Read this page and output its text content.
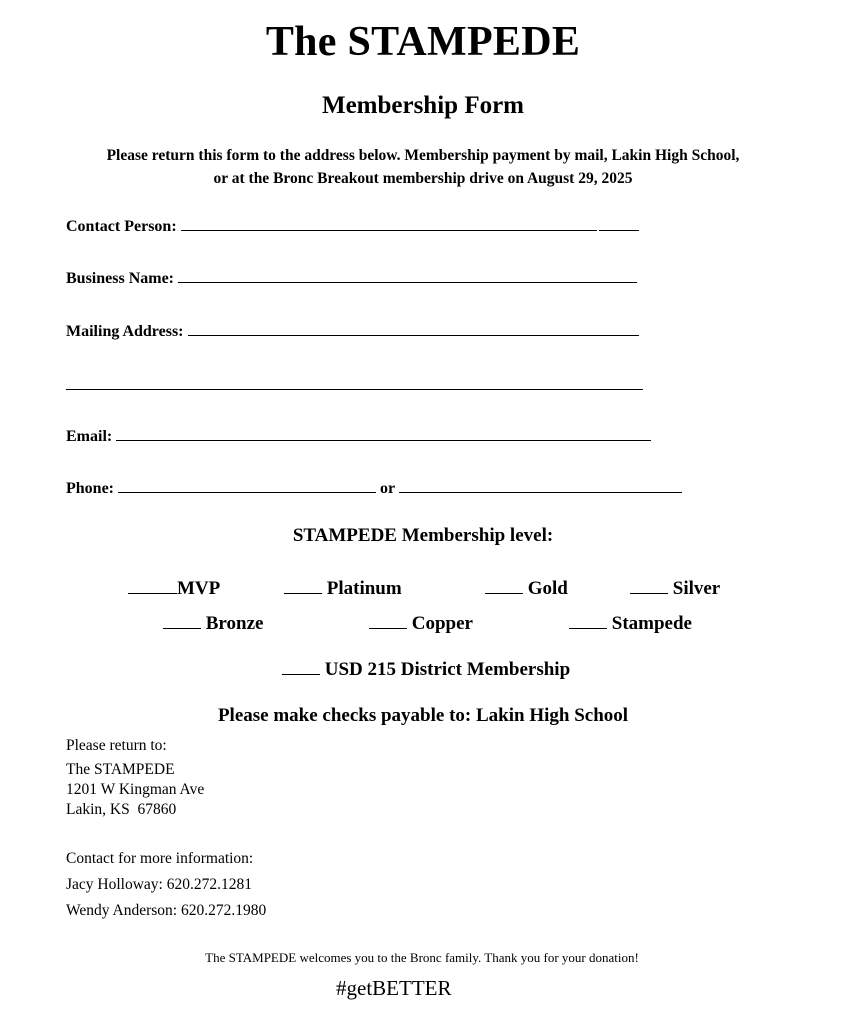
The STAMPEDE
Membership Form
Please return this form to the address below. Membership payment by mail, Lakin High School,
or at the Bronc Breakout membership drive on August 29, 2025
Contact Person:
Business Name:
Mailing Address:
Email:
Phone:	or
STAMPEDE Membership level:
MVP	Platinum	Gold	Silver
Bronze	Copper	Stampede
USD 215 District Membership
Please make checks payable to: Lakin High School
Please return to:
The STAMPEDE
1201 W Kingman Ave
Lakin, KS  67860
Contact for more information:
Jacy Holloway: 620.272.1281
Wendy Anderson: 620.272.1980
The STAMPEDE welcomes you to the Bronc family. Thank you for your donation!
#getBETTER
